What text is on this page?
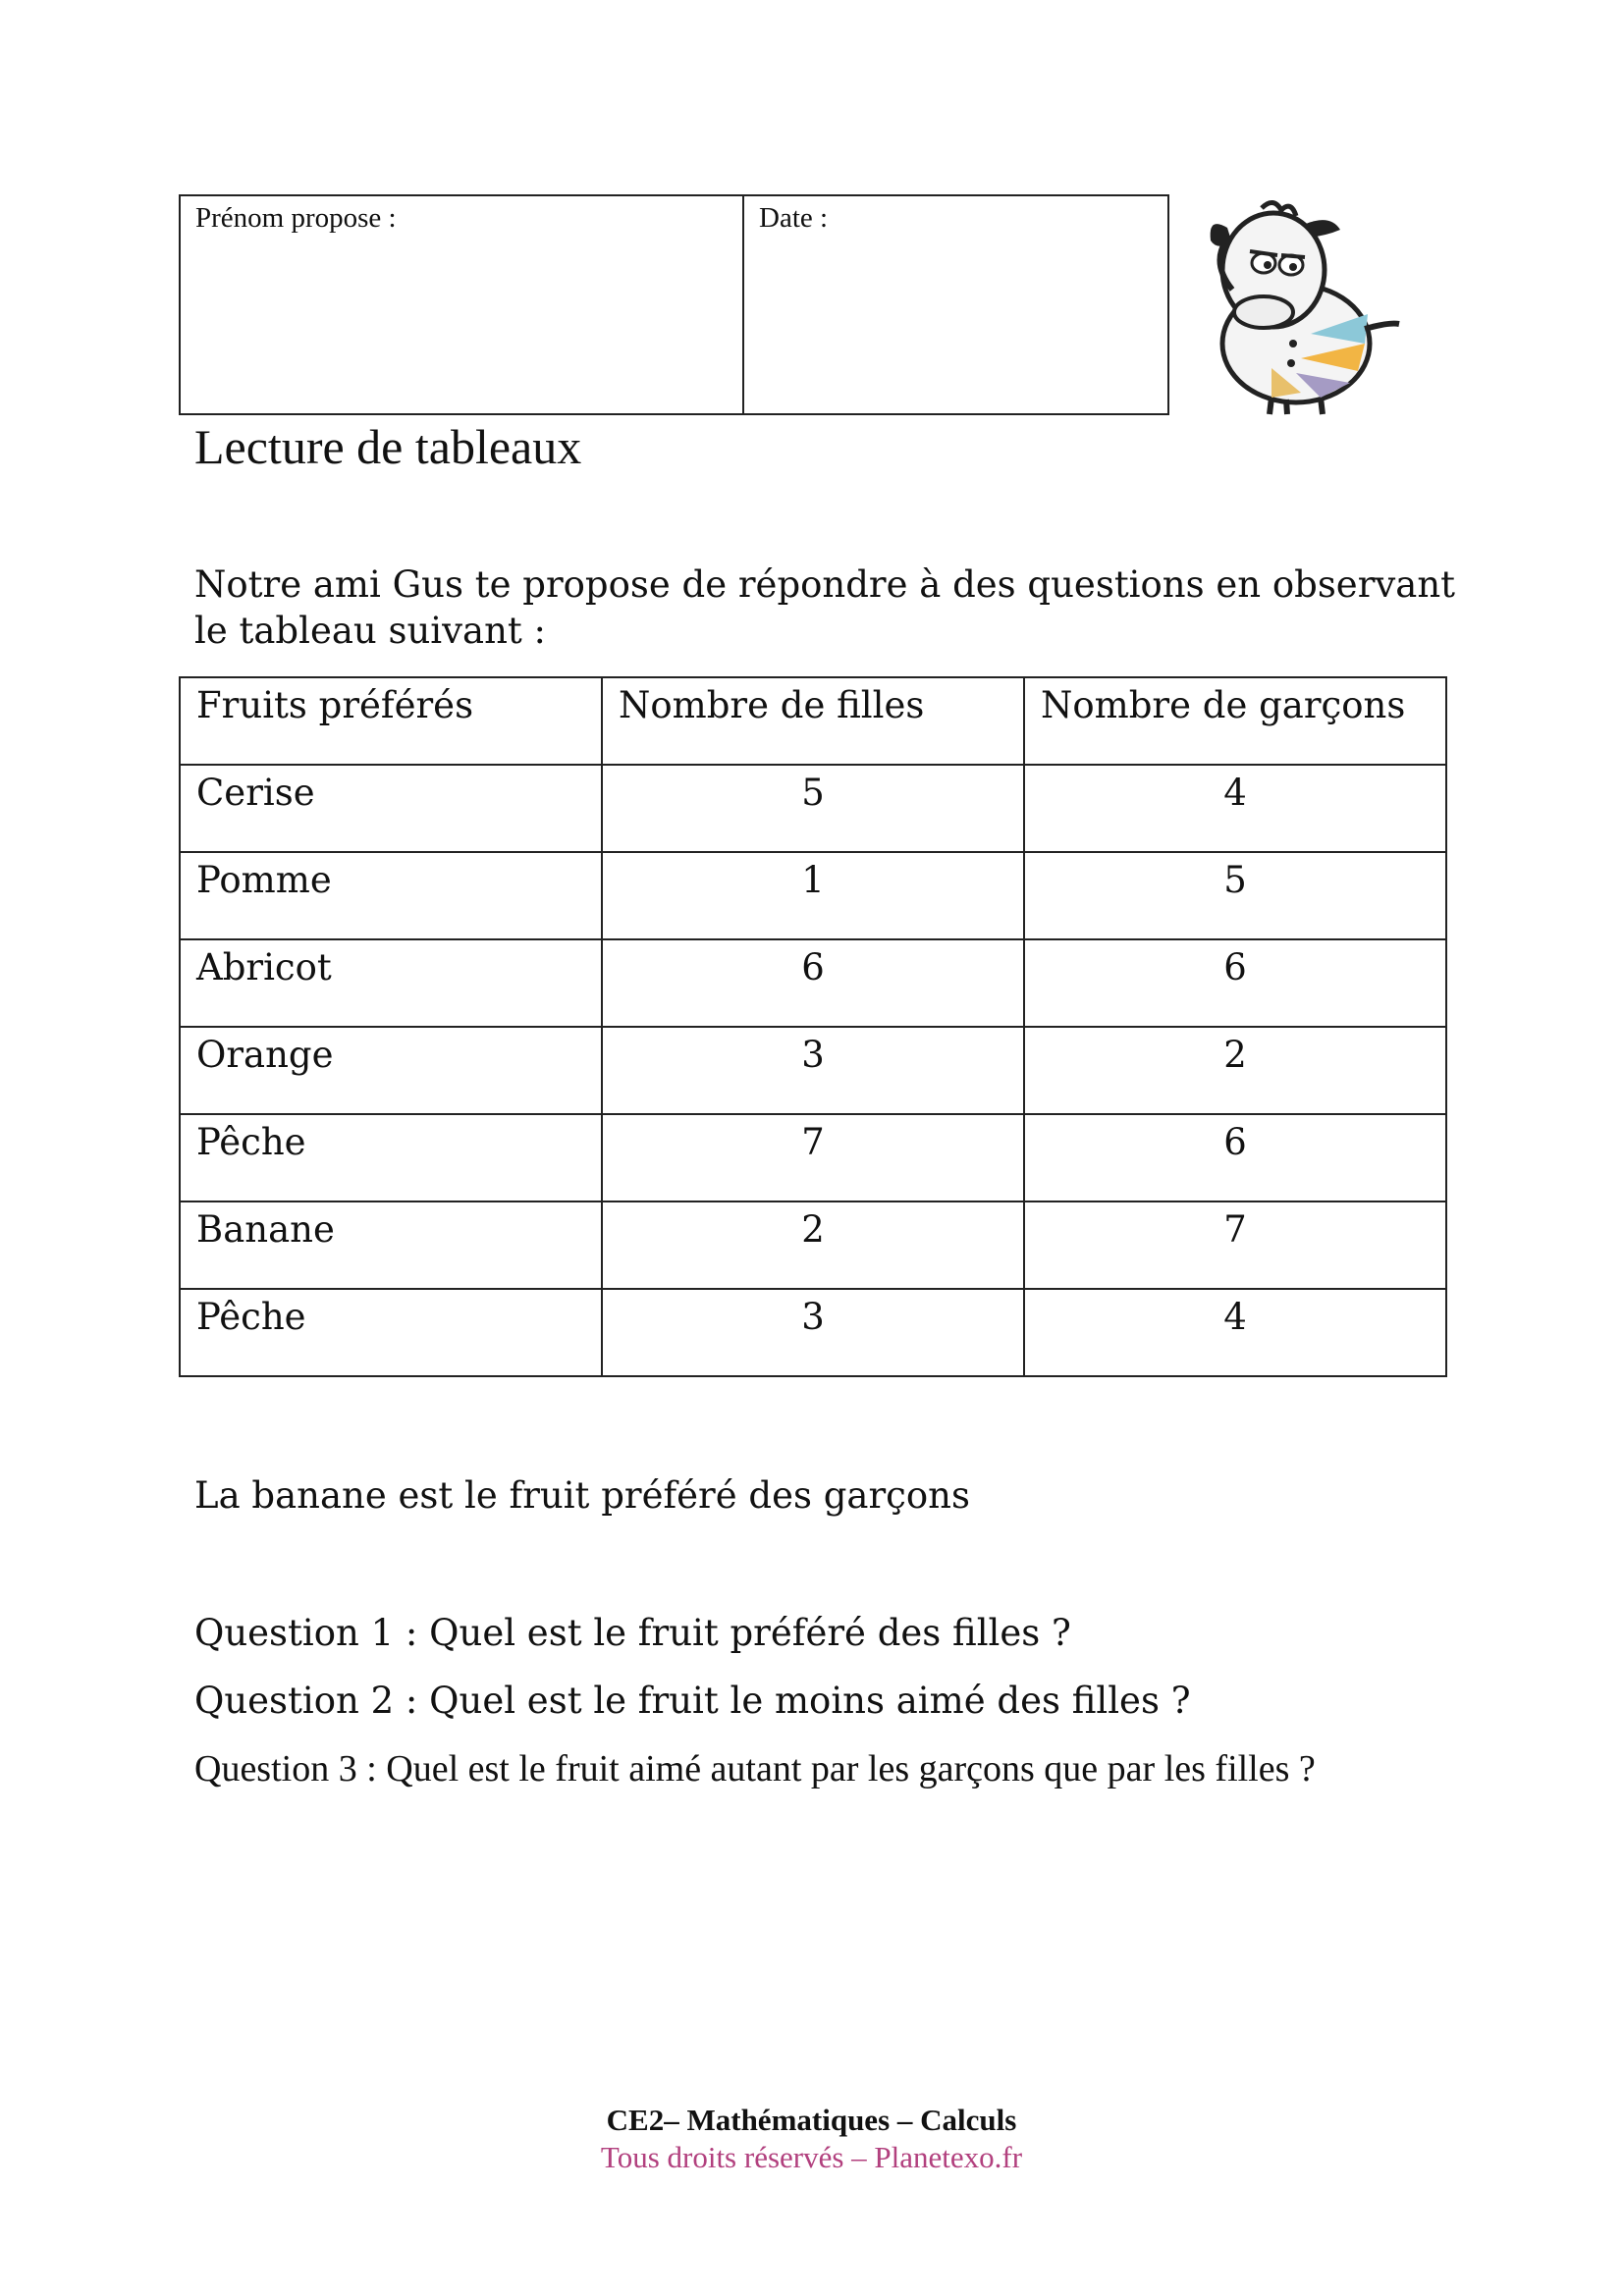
Prénom propose :	Date :
Lecture de tableaux
Notre ami Gus te propose de répondre à des questions en observant le tableau suivant :
Fruits préférés	Nombre de filles	Nombre de garçons
Cerise	5	4
Pomme	1	5
Abricot	6	6
Orange	3	2
Pêche	7	6
Banane	2	7
Pêche	3	4
La banane est le fruit préféré des garçons
Question 1 : Quel est le fruit préféré des filles ?
Question 2 : Quel est le fruit le moins aimé des filles ?
Question 3 : Quel est le fruit aimé autant par les garçons que par les filles ?
CE2– Mathématiques – Calculs
Tous droits réservés – Planetexo.fr
